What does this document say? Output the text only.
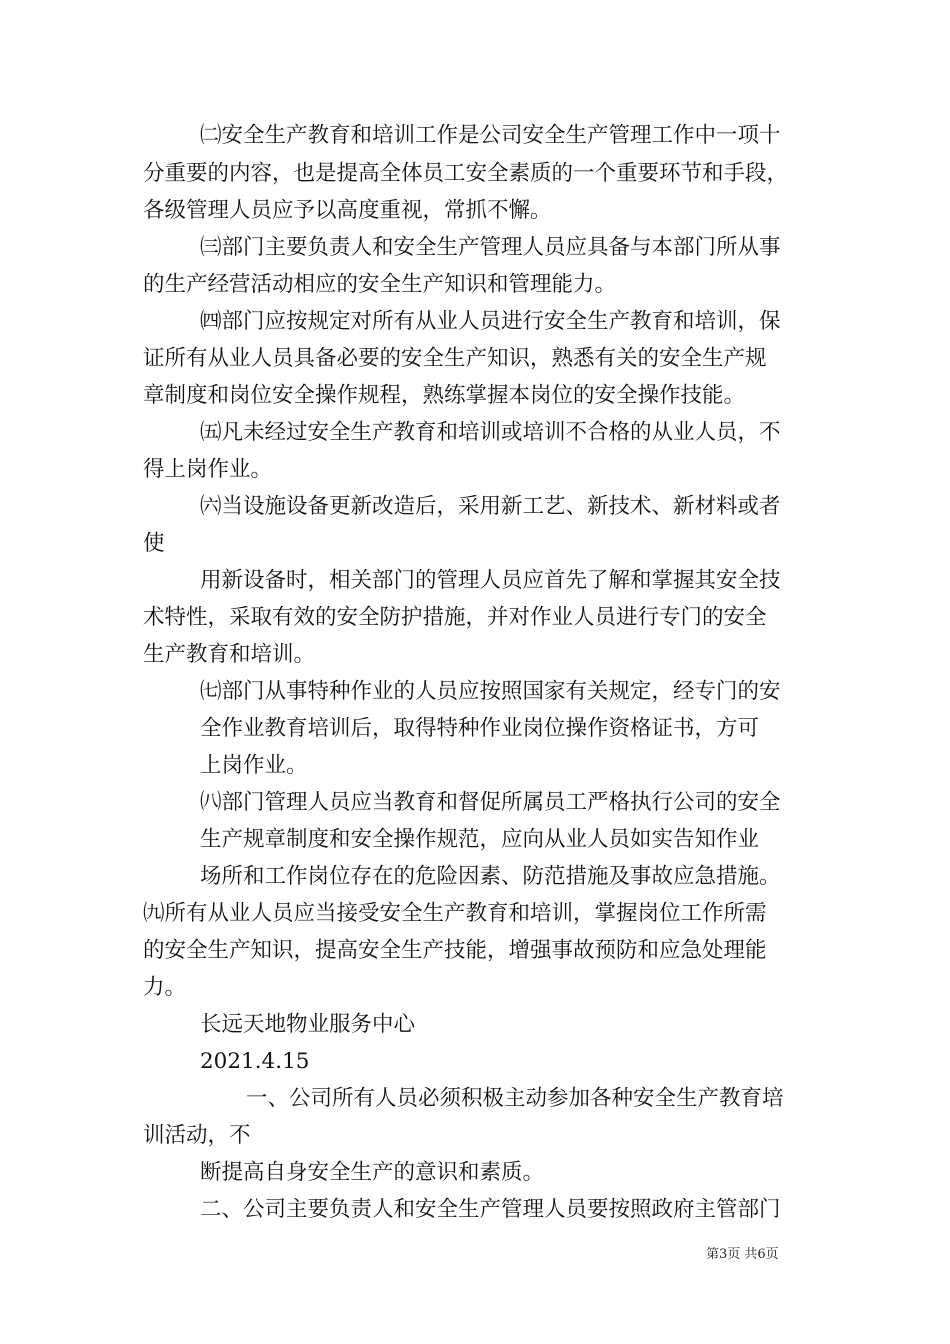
㈡安全生产教育和培训工作是公司安全生产管理工作中一项十
分重要的内容，也是提高全体员工安全素质的一个重要环节和手段，
各级管理人员应予以高度重视，常抓不懈。
㈢部门主要负责人和安全生产管理人员应具备与本部门所从事
的生产经营活动相应的安全生产知识和管理能力。
㈣部门应按规定对所有从业人员进行安全生产教育和培训，保
证所有从业人员具备必要的安全生产知识，熟悉有关的安全生产规
章制度和岗位安全操作规程，熟练掌握本岗位的安全操作技能。
㈤凡未经过安全生产教育和培训或培训不合格的从业人员，不
得上岗作业。
㈥当设施设备更新改造后，采用新工艺、新技术、新材料或者
使
用新设备时，相关部门的管理人员应首先了解和掌握其安全技
术特性，采取有效的安全防护措施，并对作业人员进行专门的安全
生产教育和培训。
㈦部门从事特种作业的人员应按照国家有关规定，经专门的安
全作业教育培训后，取得特种作业岗位操作资格证书，方可
上岗作业。
㈧部门管理人员应当教育和督促所属员工严格执行公司的安全
生产规章制度和安全操作规范，应向从业人员如实告知作业
场所和工作岗位存在的危险因素、防范措施及事故应急措施。
㈨所有从业人员应当接受安全生产教育和培训，掌握岗位工作所需
的安全生产知识，提高安全生产技能，增强事故预防和应急处理能
力。
长远天地物业服务中心
2021.4.15
一、公司所有人员必须积极主动参加各种安全生产教育培
训活动，不
断提高自身安全生产的意识和素质。
二、公司主要负责人和安全生产管理人员要按照政府主管部门
第3页 共6页
